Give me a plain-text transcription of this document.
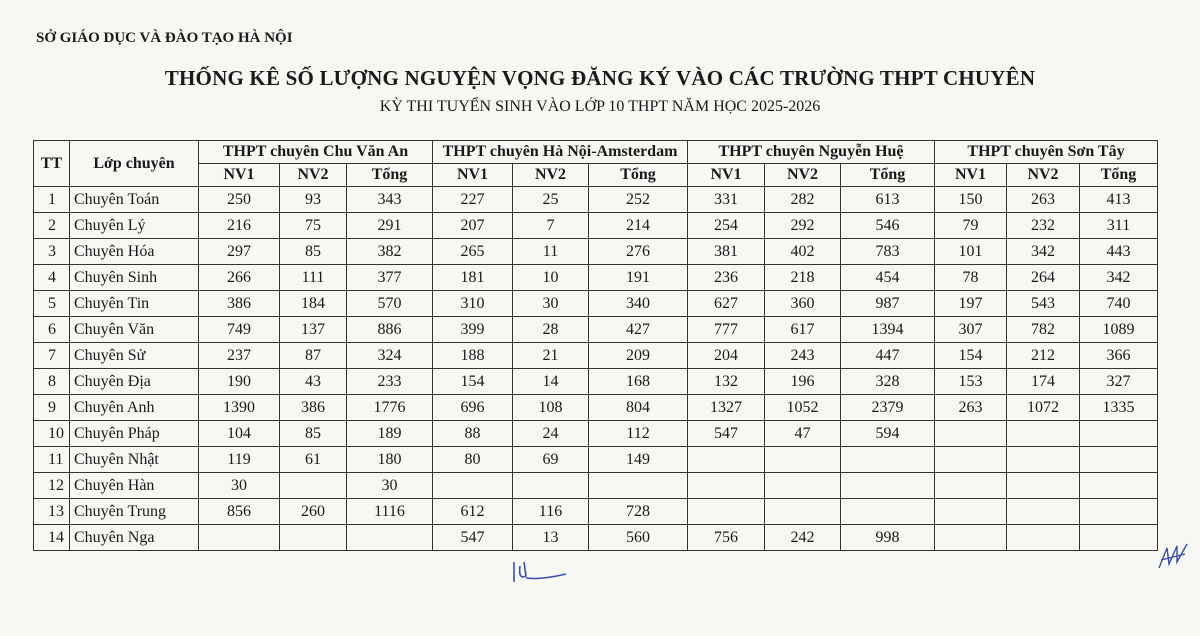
SỞ GIÁO DỤC VÀ ĐÀO TẠO HÀ NỘI
THỐNG KÊ SỐ LƯỢNG NGUYỆN VỌNG ĐĂNG KÝ VÀO CÁC TRƯỜNG THPT CHUYÊN
KỲ THI TUYỂN SINH VÀO LỚP 10 THPT NĂM HỌC 2025-2026
TT	Lớp chuyên	THPT chuyên Chu Văn An			THPT chuyên Hà Nội-Amsterdam			THPT chuyên Nguyễn Huệ			THPT chuyên Sơn Tây		
		NV1	NV2	Tổng	NV1	NV2	Tổng	NV1	NV2	Tổng	NV1	NV2	Tổng
1	Chuyên Toán	250	93	343	227	25	252	331	282	613	150	263	413
2	Chuyên Lý	216	75	291	207	7	214	254	292	546	79	232	311
3	Chuyên Hóa	297	85	382	265	11	276	381	402	783	101	342	443
4	Chuyên Sinh	266	111	377	181	10	191	236	218	454	78	264	342
5	Chuyên Tin	386	184	570	310	30	340	627	360	987	197	543	740
6	Chuyên Văn	749	137	886	399	28	427	777	617	1394	307	782	1089
7	Chuyên Sử	237	87	324	188	21	209	204	243	447	154	212	366
8	Chuyên Địa	190	43	233	154	14	168	132	196	328	153	174	327
9	Chuyên Anh	1390	386	1776	696	108	804	1327	1052	2379	263	1072	1335
10	Chuyên Pháp	104	85	189	88	24	112	547	47	594			
11	Chuyên Nhật	119	61	180	80	69	149						
12	Chuyên Hàn	30		30									
13	Chuyên Trung	856	260	1116	612	116	728						
14	Chuyên Nga				547	13	560	756	242	998			
